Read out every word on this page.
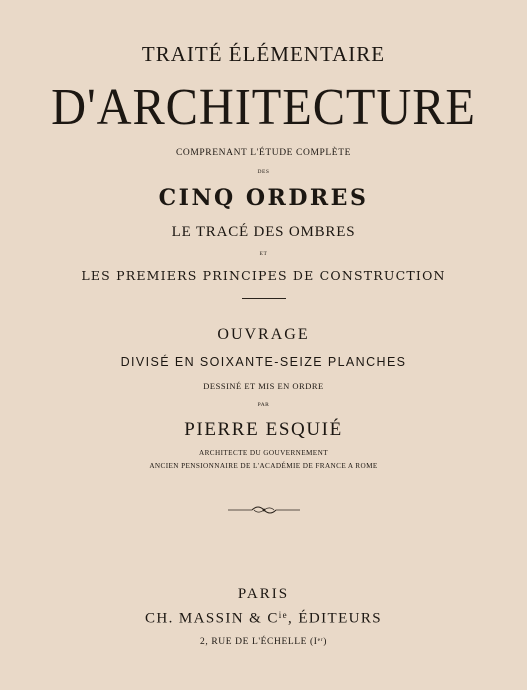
TRAITÉ ÉLÉMENTAIRE
D'ARCHITECTURE
COMPRENANT L'ÉTUDE COMPLÈTE
DES
CINQ ORDRES
LE TRACÉ DES OMBRES
ET
LES PREMIERS PRINCIPES DE CONSTRUCTION
OUVRAGE
DIVISÉ EN SOIXANTE-SEIZE PLANCHES
DESSINÉ ET MIS EN ORDRE
PAR
PIERRE ESQUIÉ
ARCHITECTE DU GOUVERNEMENT
ANCIEN PENSIONNAIRE DE L'ACADÉMIE DE FRANCE A ROME
PARIS
CH. MASSIN & $C^{ie}$, ÉDITEURS
2, RUE DE L'ÉCHELLE (Ier)
